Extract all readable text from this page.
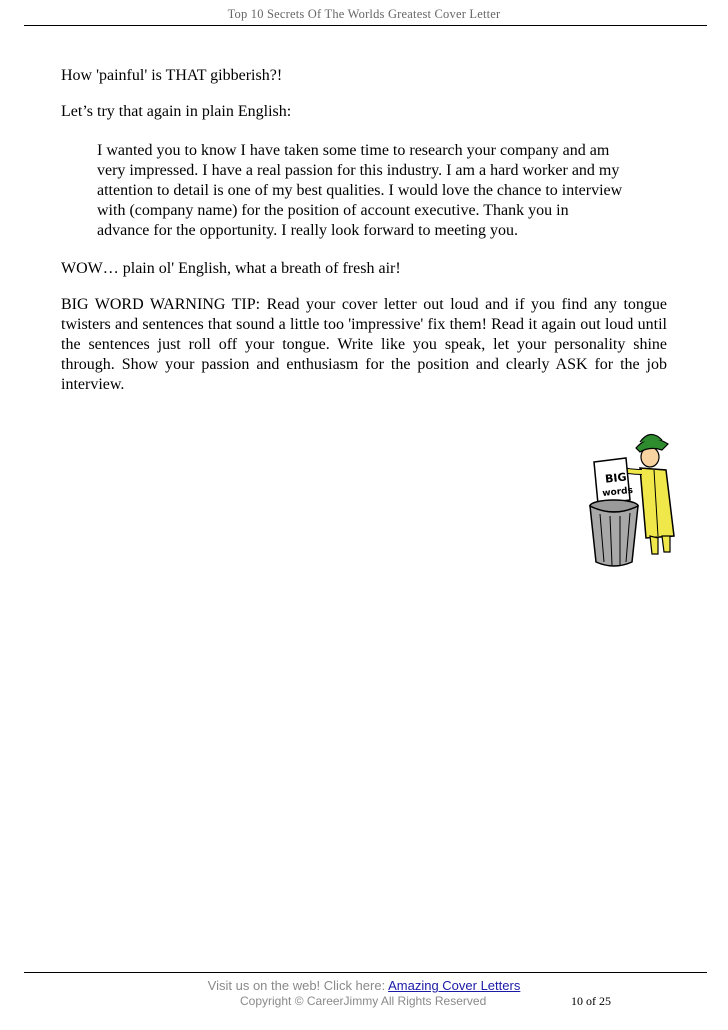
Top 10 Secrets Of The Worlds Greatest Cover Letter

How 'painful' is THAT gibberish?!

Let’s try that again in plain English:

I wanted you to know I have taken some time to research your company and am
very impressed. I have a real passion for this industry. I am a hard worker and my
attention to detail is one of my best qualities. I would love the chance to interview
with (company name) for the position of account executive. Thank you in
advance for the opportunity. I really look forward to meeting you.

WOW… plain ol' English, what a breath of fresh air!

BIG WORD WARNING TIP: Read your cover letter out loud and if you find any tongue twisters and sentences that sound a little too 'impressive' fix them! Read it again out loud until the sentences just roll off your tongue. Write like you speak, let your personality shine through. Show your passion and enthusiasm for the position and clearly ASK for the job interview.

BIG
words
Visit us on the web! Click here: Amazing Cover Letters
Copyright © CareerJimmy All Rights Reserved	10 of 25
